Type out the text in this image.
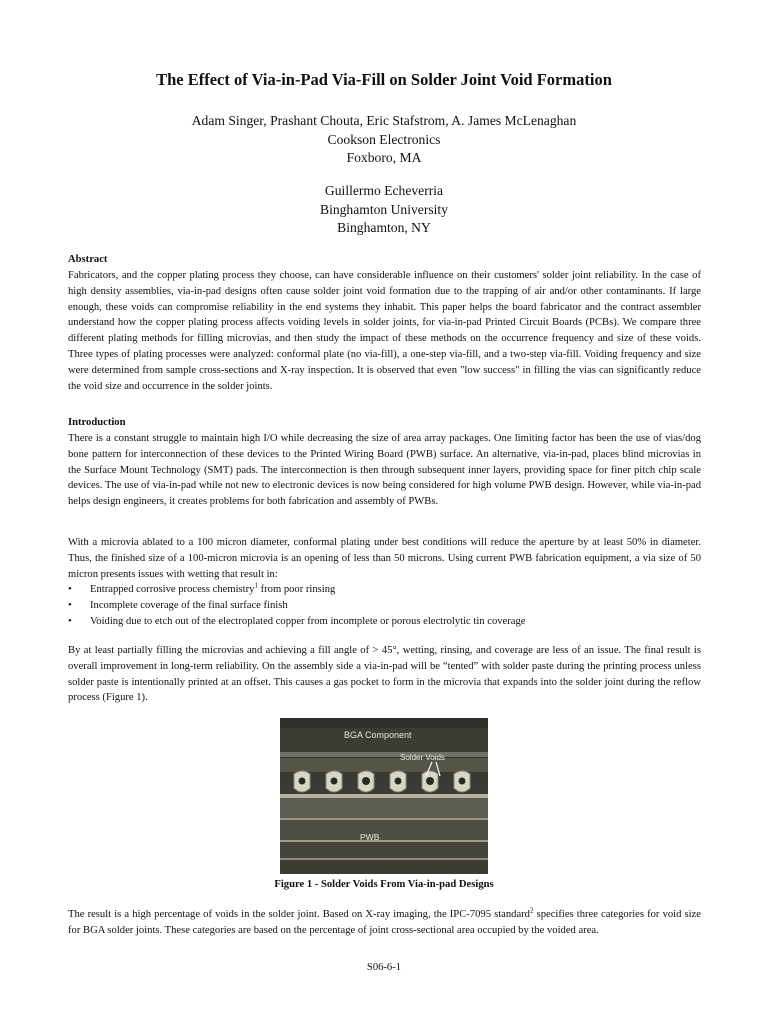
The Effect of Via-in-Pad Via-Fill on Solder Joint Void Formation
Adam Singer, Prashant Chouta, Eric Stafstrom, A. James McLenaghan
Cookson Electronics
Foxboro, MA
Guillermo Echeverria
Binghamton University
Binghamton, NY
Abstract

Fabricators, and the copper plating process they choose, can have considerable influence on their customers' solder joint reliability. In the case of high density assemblies, via-in-pad designs often cause solder joint void formation due to the trapping of air and/or other contaminants. If large enough, these voids can compromise reliability in the end systems they inhabit. This paper helps the board fabricator and the contract assembler understand how the copper plating process affects voiding levels in solder joints, for via-in-pad Printed Circuit Boards (PCBs). We compare three different plating methods for filling microvias, and then study the impact of these methods on the occurrence frequency and size of these voids. Three types of plating processes were analyzed: conformal plate (no via-fill), a one-step via-fill, and a two-step via-fill. Voiding frequency and size were determined from sample cross-sections and X-ray inspection. It is observed that even "low success" in filling the vias can significantly reduce the void size and occurrence in the solder joints.

Introduction

There is a constant struggle to maintain high I/O while decreasing the size of area array packages. One limiting factor has been the use of vias/dog bone pattern for interconnection of these devices to the Printed Wiring Board (PWB) surface. An alternative, via-in-pad, places blind microvias in the Surface Mount Technology (SMT) pads. The interconnection is then through subsequent inner layers, providing space for finer pitch chip scale devices. The use of via-in-pad while not new to electronic devices is now being considered for high volume PWB design. However, while via-in-pad helps design engineers, it creates problems for both fabrication and assembly of PWBs.

With a microvia ablated to a 100 micron diameter, conformal plating under best conditions will reduce the aperture by at least 50% in diameter. Thus, the finished size of a 100-micron microvia is an opening of less than 50 microns. Using current PWB fabrication equipment, a via size of 50 micron presents issues with wetting that result in:

• Entrapped corrosive process chemistry$^1$ from poor rinsing
• Incomplete coverage of the final surface finish
• Voiding due to etch out of the electroplated copper from incomplete or porous electrolytic tin coverage

By at least partially filling the microvias and achieving a fill angle of > 45°, wetting, rinsing, and coverage are less of an issue. The final result is overall improvement in long-term reliability. On the assembly side a via-in-pad will be “tented” with solder paste during the printing process unless solder paste is intentionally printed at an offset. This causes a gas pocket to form in the microvia that expands into the solder joint during the reflow process (Figure 1).

BGA Component
Solder Voids
PWB

Figure 1 - Solder Voids From Via-in-pad Designs

The result is a high percentage of voids in the solder joint. Based on X-ray imaging, the IPC-7095 standard$^2$ specifies three categories for void size for BGA solder joints. These categories are based on the percentage of joint cross-sectional area occupied by the voided area.

S06-6-1
